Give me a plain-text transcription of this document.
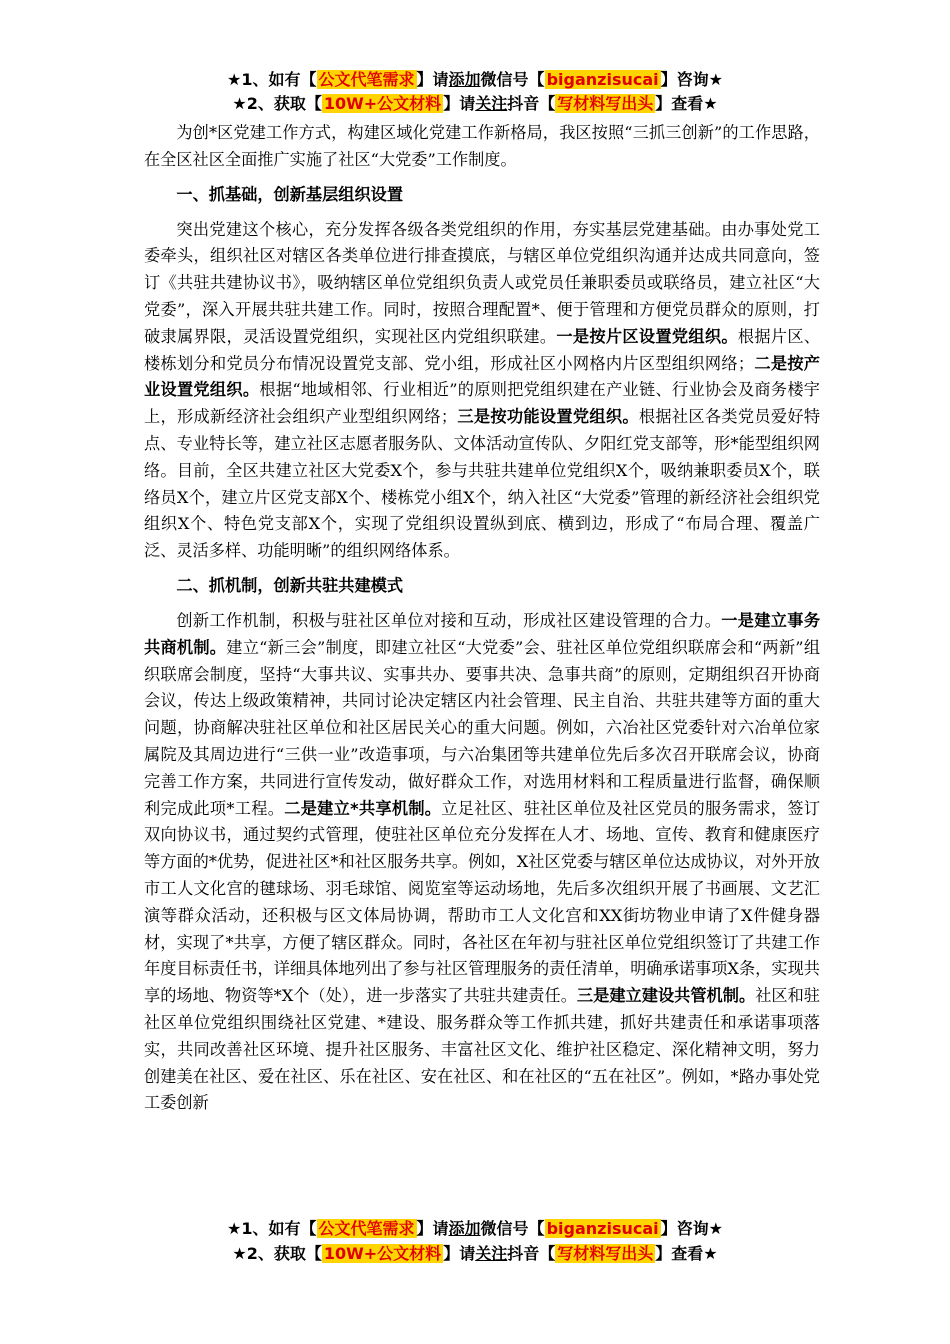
★1、如有【 公文代笔需求 】请添加微信号【 biganzisucai 】咨询★
★2、获取【 10W+公文材料 】请关注抖音【 写材料写出头 】查看★

为创*区党建工作方式，构建区域化党建工作新格局，我区按照“三抓三创新”的工作思路，在全区社区全面推广实施了社区“大党委”工作制度。

一、抓基础，创新基层组织设置

突出党建这个核心，充分发挥各级各类党组织的作用，夯实基层党建基础。由办事处党工委牵头，组织社区对辖区各类单位进行排查摸底，与辖区单位党组织沟通并达成共同意向，签订《共驻共建协议书》，吸纳辖区单位党组织负责人或党员任兼职委员或联络员，建立社区“大党委”，深入开展共驻共建工作。同时，按照合理配置*、便于管理和方便党员群众的原则，打破隶属界限，灵活设置党组织，实现社区内党组织联建。一是按片区设置党组织。根据片区、楼栋划分和党员分布情况设置党支部、党小组，形成社区小网格内片区型组织网络；二是按产业设置党组织。根据“地域相邻、行业相近”的原则把党组织建在产业链、行业协会及商务楼宇上，形成新经济社会组织产业型组织网络；三是按功能设置党组织。根据社区各类党员爱好特点、专业特长等，建立社区志愿者服务队、文体活动宣传队、夕阳红党支部等，形*能型组织网络。目前，全区共建立社区大党委X个，参与共驻共建单位党组织X个，吸纳兼职委员X个，联络员X个，建立片区党支部X个、楼栋党小组X个，纳入社区“大党委”管理的新经济社会组织党组织X个、特色党支部X个，实现了党组织设置纵到底、横到边，形成了“布局合理、覆盖广泛、灵活多样、功能明晰”的组织网络体系。

二、抓机制，创新共驻共建模式

创新工作机制，积极与驻社区单位对接和互动，形成社区建设管理的合力。一是建立事务共商机制。建立“新三会”制度，即建立社区“大党委”会、驻社区单位党组织联席会和“两新”组织联席会制度，坚持“大事共议、实事共办、要事共决、急事共商”的原则，定期组织召开协商会议，传达上级政策精神，共同讨论决定辖区内社会管理、民主自治、共驻共建等方面的重大问题，协商解决驻社区单位和社区居民关心的重大问题。例如，六冶社区党委针对六冶单位家属院及其周边进行“三供一业”改造事项，与六冶集团等共建单位先后多次召开联席会议，协商完善工作方案，共同进行宣传发动，做好群众工作，对选用材料和工程质量进行监督，确保顺利完成此项*工程。二是建立*共享机制。立足社区、驻社区单位及社区党员的服务需求，签订双向协议书，通过契约式管理，使驻社区单位充分发挥在人才、场地、宣传、教育和健康医疗等方面的*优势，促进社区*和社区服务共享。例如，X社区党委与辖区单位达成协议，对外开放市工人文化宫的毽球场、羽毛球馆、阅览室等运动场地，先后多次组织开展了书画展、文艺汇演等群众活动，还积极与区文体局协调，帮助市工人文化宫和XX街坊物业申请了X件健身器材，实现了*共享，方便了辖区群众。同时，各社区在年初与驻社区单位党组织签订了共建工作年度目标责任书，详细具体地列出了参与社区管理服务的责任清单，明确承诺事项X条，实现共享的场地、物资等*X个（处），进一步落实了共驻共建责任。三是建立建设共管机制。社区和驻社区单位党组织围绕社区党建、*建设、服务群众等工作抓共建，抓好共建责任和承诺事项落实，共同改善社区环境、提升社区服务、丰富社区文化、维护社区稳定、深化精神文明，努力创建美在社区、爱在社区、乐在社区、安在社区、和在社区的“五在社区”。例如，*路办事处党工委创新

★1、如有【 公文代笔需求 】请添加微信号【 biganzisucai 】咨询★
★2、获取【 10W+公文材料 】请关注抖音【 写材料写出头 】查看★
